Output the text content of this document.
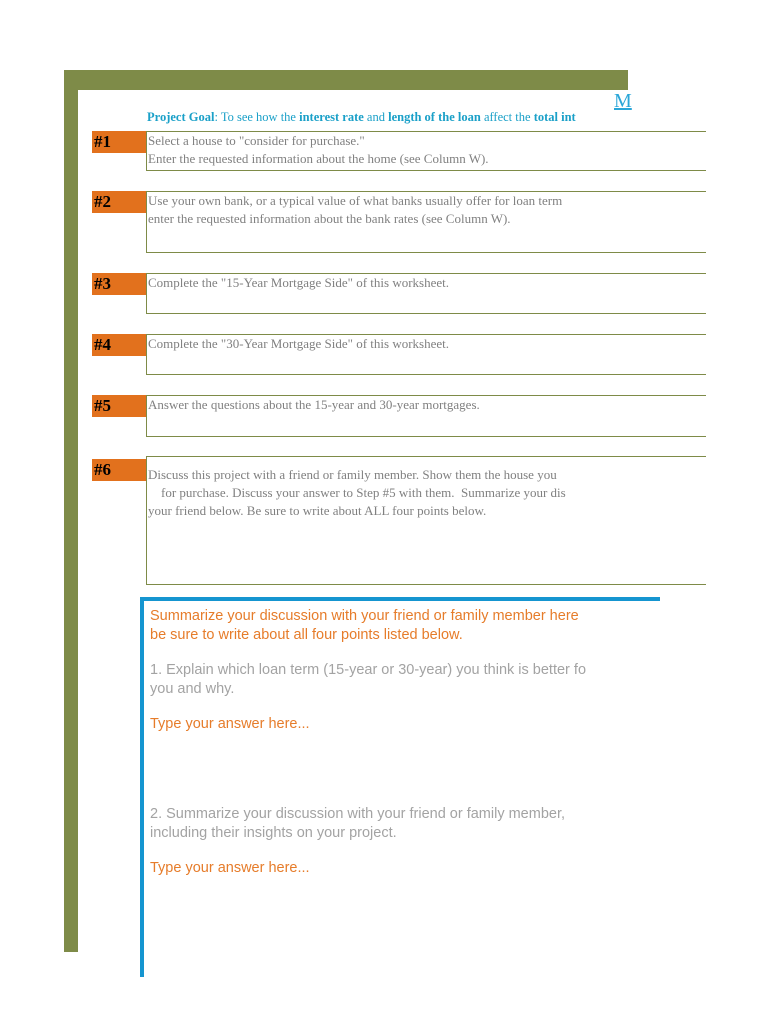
M
Project Goal: To see how the interest rate and length of the loan affect the total int
#1	Select a house to "consider for purchase."
Enter the requested information about the home (see Column W).
#2	Use your own bank, or a typical value of what banks usually offer for loan term
enter the requested information about the bank rates (see Column W).
#3	Complete the "15-Year Mortgage Side" of this worksheet.
#4	Complete the "30-Year Mortgage Side" of this worksheet.
#5	Answer the questions about the 15-year and 30-year mortgages.
#6	Discuss this project with a friend or family member. Show them the house you
for purchase. Discuss your answer to Step #5 with them.  Summarize your dis
your friend below. Be sure to write about ALL four points below.

Summarize your discussion with your friend or family member here

be sure to write about all four points listed below.

1. Explain which loan term (15-year or 30-year) you think is better fo

you and why.

Type your answer here...

2. Summarize your discussion with your friend or family member,

including their insights on your project.

Type your answer here...
